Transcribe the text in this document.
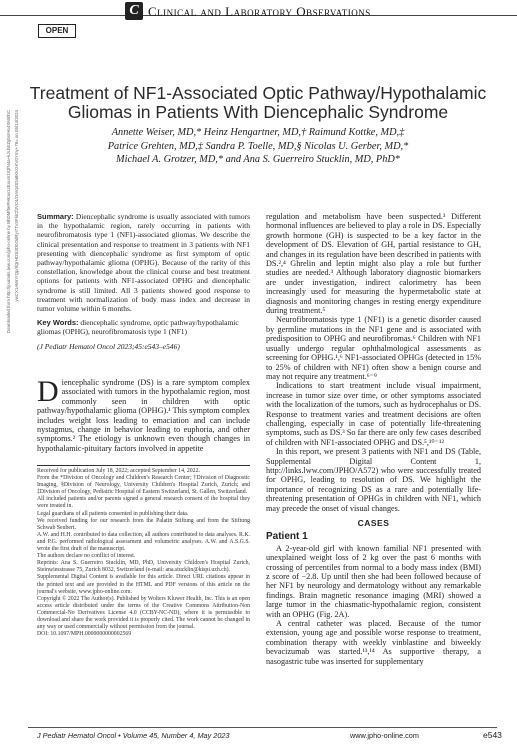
Downloaded from http://journals.lww.com/jpho-online by BhDMf5ePHKav1zEoum1tQfN4a+kJLhEZgbsIHo4XMi0hC ywCX1AWnYQp/IlQrHD3i3D0OdRyi7TvSFl4Cf3VC4/OAVpDDa8KKGKV0Ymy+78= on 05/14/2024
C Clinical and Laboratory Observations
OPEN
Treatment of NF1-Associated Optic Pathway/Hypothalamic
Gliomas in Patients With Diencephalic Syndrome
Annette Weiser, MD,* Heinz Hengartner, MD,† Raimund Kottke, MD,‡
Patrice Grehten, MD,‡ Sandra P. Toelle, MD,§ Nicolas U. Gerber, MD,*
Michael A. Grotzer, MD,* and Ana S. Guerreiro Stucklin, MD, PhD*

Summary: Diencephalic syndrome is usually associated with tumors in the hypothalamic region, rarely occurring in patients with neurofibromatosis type 1 (NF1)-associated gliomas. We describe the clinical presentation and response to treatment in 3 patients with NF1 presenting with diencephalic syndrome as first symptom of optic pathway/hypothalamic glioma (OPHG). Because of the rarity of this constellation, knowledge about the clinical course and best treatment options for patients with NF1-associated OPHG and diencephalic syndrome is still limited. All 3 patients showed good response to treatment with normalization of body mass index and decrease in tumor volume within 6 months.

Key Words: diencephalic syndrome, optic pathway/hypothalamic gliomas (OPHG), neurofibromatosis type 1 (NF1)

(J Pediatr Hematol Oncol 2023;45:e543–e546)

Diencephalic syndrome (DS) is a rare symptom complex associated with tumors in the hypothalamic region, most commonly seen in children with optic pathway/hypothalamic glioma (OPHG).¹ This symptom complex includes weight loss leading to emaciation and can include nystagmus, change in behavior leading to euphoria, and other symptoms.² The etiology is unknown even though changes in hypothalamic-pituitary factors involved in appetite

Received for publication July 18, 2022; accepted September 14, 2022.

From the *Division of Oncology and Children's Research Center; †Division of Diagnostic Imaging, §Division of Neurology, University Children's Hospital Zurich, Zurich; and ‡Division of Oncology, Pediatric Hospital of Eastern Switzerland, St. Gallen, Switzerland.

All included patients and/or parents signed a general research consent of the hospital they were treated in.

Legal guardians of all patients consented in publishing their data.

We received funding for our research from the Palatin Stiftung and from the Stiftung Schwab Seubert.

A.W. and H.H. contributed to data collection, all authors contributed to data analyses. R.K. and P.G. performed radiological assessment and volumetric analyses. A.W. and A.S.G.S. wrote the first draft of the manuscript.

The authors declare no conflict of interest.

Reprints: Ana S. Guerreiro Stucklin, MD, PhD, University Children's Hospital Zurich, Steinwiesstrasse 75, Zurich 8032, Switzerland (e-mail: ana.stucklin@kispi.uzh.ch).

Supplemental Digital Content is available for this article. Direct URL citations appear in the printed text and are provided in the HTML and PDF versions of this article on the journal's website, www.jpho-online.com.

Copyright © 2022 The Author(s). Published by Wolters Kluwer Health, Inc. This is an open access article distributed under the terms of the Creative Commons Attribution-Non Commercial-No Derivatives License 4.0 (CCBY-NC-ND), where it is permissible to download and share the work provided it is properly cited. The work cannot be changed in any way or used commercially without permission from the journal.

DOI: 10.1097/MPH.0000000000002569

regulation and metabolism have been suspected.³ Different hormonal influences are believed to play a role in DS. Especially growth hormone (GH) is suspected to be a key factor in the development of DS. Elevation of GH, partial resistance to GH, and changes in its regulation have been described in patients with DS.²,⁴ Ghrelin and leptin might also play a role but further studies are needed.³ Although laboratory diagnostic biomarkers are under investigation, indirect calorimetry has been increasingly used for measuring the hypermetabolic state at diagnosis and monitoring changes in resting energy expenditure during treatment.⁵

Neurofibromatosis type 1 (NF1) is a genetic disorder caused by germline mutations in the NF1 gene and is associated with predisposition to OPHG and neurofibromas.⁶ Children with NF1 usually undergo regular ophthalmological assessments as screening for OPHG.¹,⁶ NF1-associated OPHGs (detected in 15% to 25% of children with NF1) often show a benign course and may not require any treatment.⁶⁻⁹

Indications to start treatment include visual impairment, increase in tumor size over time, or other symptoms associated with the localization of the tumors, such as hydrocephalus or DS. Response to treatment varies and treatment decisions are often challenging, especially in case of potentially life-threatening symptoms, such as DS.³ So far there are only few cases described of children with NF1-associated OPHG and DS.⁵,¹⁰⁻¹²

In this report, we present 3 patients with NF1 and DS (Table, Supplemental Digital Content 1, http://links.lww.com/JPHO/A572) who were successfully treated for OPHG, leading to resolution of DS. We highlight the importance of recognizing DS as a rare and potentially life-threatening presentation of OPHGs in children with NF1, which may precede the onset of visual changes.

CASES

Patient 1

A 2-year-old girl with known familial NF1 presented with unexplained weight loss of 2 kg over the past 6 months with crossing of percentiles from normal to a body mass index (BMI) z score of −2.8. Up until then she had been followed because of her NF1 by neurology and dermatology without any remarkable findings. Brain magnetic resonance imaging (MRI) showed a large tumor in the chiasmatic-hypothalamic region, consistent with an OPHG (Fig. 2A).

A central catheter was placed. Because of the tumor extension, young age and possible worse response to treatment, combination therapy with weekly vinblastine and biweekly bevacizumab was started.¹³,¹⁴ As supportive therapy, a nasogastric tube was inserted for supplementary

J Pediatr Hematol Oncol • Volume 45, Number 4, May 2023	www.jpho-online.com	e543
